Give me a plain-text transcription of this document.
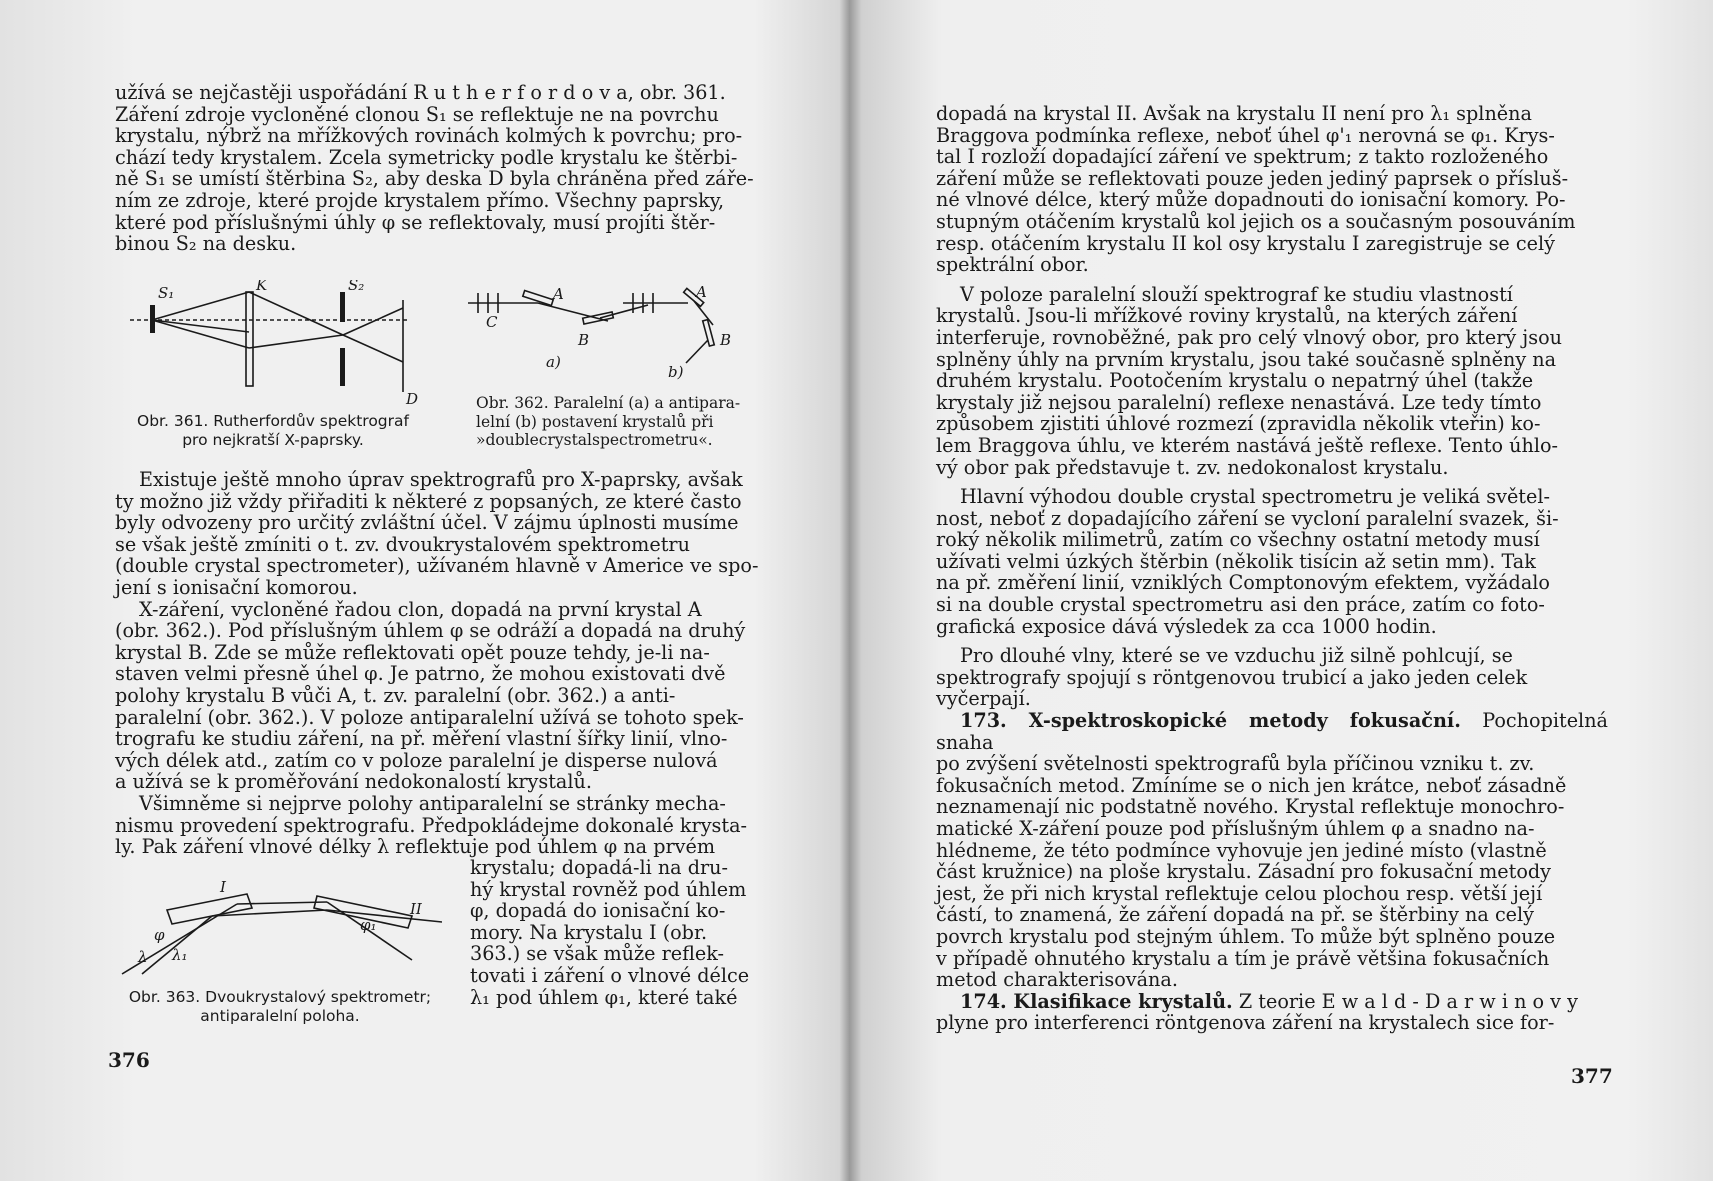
užívá se nejčastěji uspořádání R u t h e r f o r d o v a, obr. 361.

Záření zdroje vycloněné clonou S₁ se reflektuje ne na povrchu

krystalu, nýbrž na mřížkových rovinách kolmých k povrchu; pro-

chází tedy krystalem. Zcela symetricky podle krystalu ke štěrbi-

ně S₁ se umístí štěrbina S₂, aby deska D byla chráněna před záře-

ním ze zdroje, které projde krystalem přímo. Všechny paprsky,

které pod příslušnými úhly φ se reflektovaly, musí projíti štěr-

binou S₂ na desku.

S₁	K	S₂
D
Obr. 361. Rutherfordův spektrograf
pro nejkratší X-paprsky.
C
A
B
a)
A
B
b)
Obr. 362. Paralelní (a) a antipara-
lelní (b) postavení krystalů při
»doublecrystalspectrometru«.

Existuje ještě mnoho úprav spektrografů pro X-paprsky, avšak

ty možno již vždy přiřaditi k některé z popsaných, ze které často

byly odvozeny pro určitý zvláštní účel. V zájmu úplnosti musíme

se však ještě zmíniti o t. zv. dvoukrystalovém spektrometru

(double crystal spectrometer), užívaném hlavně v Americe ve spo-

jení s ionisační komorou.

X-záření, vycloněné řadou clon, dopadá na první krystal A

(obr. 362.). Pod příslušným úhlem φ se odráží a dopadá na druhý

krystal B. Zde se může reflektovati opět pouze tehdy, je-li na-

staven velmi přesně úhel φ. Je patrno, že mohou existovati dvě

polohy krystalu B vůči A, t. zv. paralelní (obr. 362.) a anti-

paralelní (obr. 362.). V poloze antiparalelní užívá se tohoto spek-

trografu ke studiu záření, na př. měření vlastní šířky linií, vlno-

vých délek atd., zatím co v poloze paralelní je disperse nulová

a užívá se k proměřování nedokonalostí krystalů.

Všimněme si nejprve polohy antiparalelní se stránky mecha-

nismu provedení spektrografu. Předpokládejme dokonalé krysta-

ly. Pak záření vlnové délky λ reflektuje pod úhlem φ na prvém

I
II
λ λ₁
φ
φ₁
Obr. 363. Dvoukrystalový spektrometr;
antiparalelní poloha.

krystalu; dopadá-li na dru-

hý krystal rovněž pod úhlem

φ, dopadá do ionisační ko-

mory. Na krystalu I (obr.

363.) se však může reflek-

tovati i záření o vlnové délce

λ₁ pod úhlem φ₁, které také

376

dopadá na krystal II. Avšak na krystalu II není pro λ₁ splněna

Braggova podmínka reflexe, neboť úhel φ'₁ nerovná se φ₁. Krys-

tal I rozloží dopadající záření ve spektrum; z takto rozloženého

záření může se reflektovati pouze jeden jediný paprsek o přísluš-

né vlnové délce, který může dopadnouti do ionisační komory. Po-

stupným otáčením krystalů kol jejich os a současným posouváním

resp. otáčením krystalu II kol osy krystalu I zaregistruje se celý

spektrální obor.

V poloze paralelní slouží spektrograf ke studiu vlastností

krystalů. Jsou-li mřížkové roviny krystalů, na kterých záření

interferuje, rovnoběžné, pak pro celý vlnový obor, pro který jsou

splněny úhly na prvním krystalu, jsou také současně splněny na

druhém krystalu. Pootočením krystalu o nepatrný úhel (takže

krystaly již nejsou paralelní) reflexe nenastává. Lze tedy tímto

způsobem zjistiti úhlové rozmezí (zpravidla několik vteřin) ko-

lem Braggova úhlu, ve kterém nastává ještě reflexe. Tento úhlo-

vý obor pak představuje t. zv. nedokonalost krystalu.

Hlavní výhodou double crystal spectrometru je veliká světel-

nost, neboť z dopadajícího záření se vycloní paralelní svazek, ši-

roký několik milimetrů, zatím co všechny ostatní metody musí

užívati velmi úzkých štěrbin (několik tisícin až setin mm). Tak

na př. změření linií, vzniklých Comptonovým efektem, vyžádalo

si na double crystal spectrometru asi den práce, zatím co foto-

grafická exposice dává výsledek za cca 1000 hodin.

Pro dlouhé vlny, které se ve vzduchu již silně pohlcují, se

spektrografy spojují s röntgenovou trubicí a jako jeden celek

vyčerpají.

173. X-spektroskopické metody fokusační. Pochopitelná snaha

po zvýšení světelnosti spektrografů byla příčinou vzniku t. zv.

fokusačních metod. Zmíníme se o nich jen krátce, neboť zásadně

neznamenají nic podstatně nového. Krystal reflektuje monochro-

matické X-záření pouze pod příslušným úhlem φ a snadno na-

hlédneme, že této podmínce vyhovuje jen jediné místo (vlastně

část kružnice) na ploše krystalu. Zásadní pro fokusační metody

jest, že při nich krystal reflektuje celou plochou resp. větší její

částí, to znamená, že záření dopadá na př. se štěrbiny na celý

povrch krystalu pod stejným úhlem. To může být splněno pouze

v případě ohnutého krystalu a tím je právě většina fokusačních

metod charakterisována.

174. Klasifikace krystalů. Z teorie E w a l d - D a r w i n o v y

plyne pro interferenci röntgenova záření na krystalech sice for-

377
